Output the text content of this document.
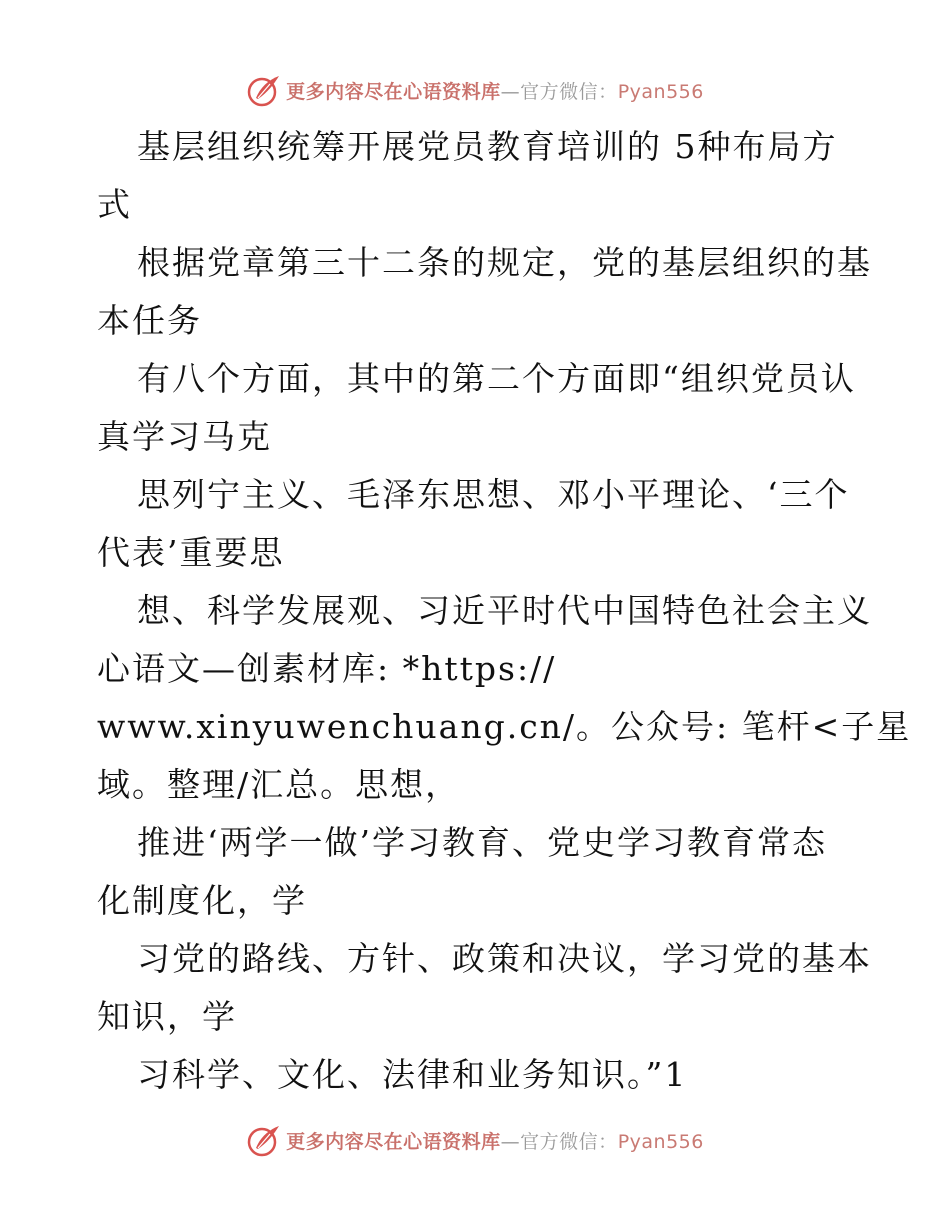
更多内容尽在心语资料库—官方微信：Pyan556
基层组织统筹开展党员教育培训的 5种布局方
式
根据党章第三十二条的规定，党的基层组织的基
本任务
有八个方面，其中的第二个方面即“组织党员认
真学习马克
思列宁主义、毛泽东思想、邓小平理论、‘三个
代表’重要思
想、科学发展观、习近平时代中国特色社会主义
心语文—创素材库: *https://
www.xinyuwenchuang.cn/。公众号: 笔杆<子星
域。整理/汇总。思想，
推进‘两学一做’学习教育、党史学习教育常态
化制度化，学
习党的路线、方针、政策和决议，学习党的基本
知识，学
习科学、文化、法律和业务知识。”1
更多内容尽在心语资料库—官方微信：Pyan556
